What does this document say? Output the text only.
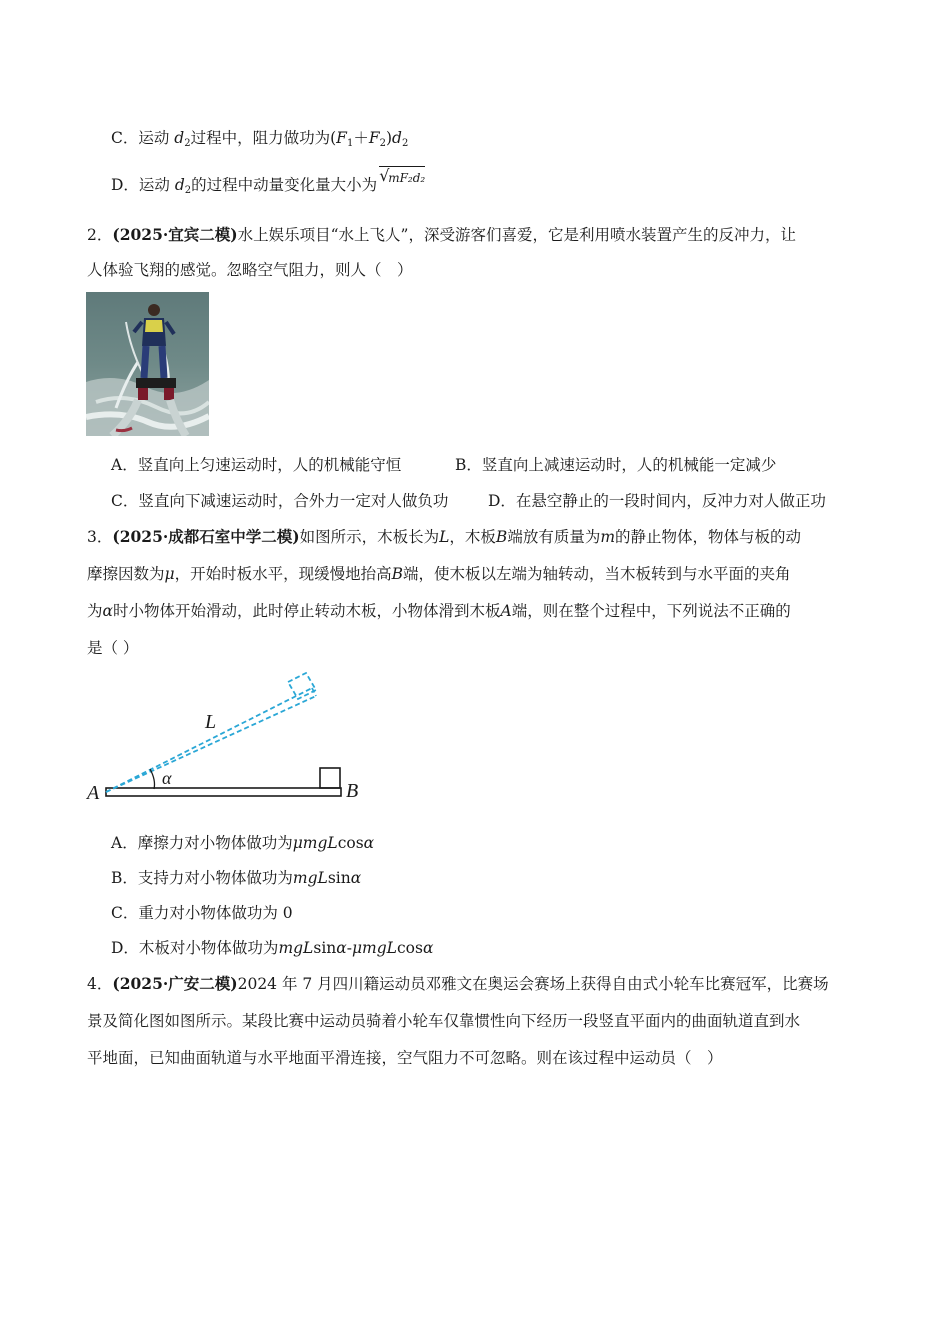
C．运动 $d_2$过程中，阻力做功为$(F_1+F_2)d_2$
D．运动 $d_2$的过程中动量变化量大小为 √
mF₂d₂
2．(2025·宜宾二模)水上娱乐项目“水上飞人”，深受游客们喜爱，它是利用喷水装置产生的反冲力，让
人体验飞翔的感觉。忽略空气阻力，则人（　）
A．竖直向上匀速运动时，人的机械能守恒	B．竖直向上减速运动时，人的机械能一定减少
C．竖直向下减速运动时，合外力一定对人做负功	D．在悬空静止的一段时间内，反冲力对人做正功
3．(2025·成都石室中学二模)如图所示，木板长为L，木板B端放有质量为m的静止物体，物体与板的动
摩擦因数为μ，开始时板水平，现缓慢地抬高B端，使木板以左端为轴转动，当木板转到与水平面的夹角
为α时小物体开始滑动，此时停止转动木板，小物体滑到木板A端，则在整个过程中，下列说法不正确的
是（ ）
L
α
A	B
A．摩擦力对小物体做功为μmgLcosα
B．支持力对小物体做功为mgLsinα
C．重力对小物体做功为 0
D．木板对小物体做功为mgLsinα-μmgLcosα
4．(2025·广安二模)2024 年 7 月四川籍运动员邓雅文在奥运会赛场上获得自由式小轮车比赛冠军，比赛场
景及简化图如图所示。某段比赛中运动员骑着小轮车仅靠惯性向下经历一段竖直平面内的曲面轨道直到水
平地面，已知曲面轨道与水平地面平滑连接，空气阻力不可忽略。则在该过程中运动员（　）
